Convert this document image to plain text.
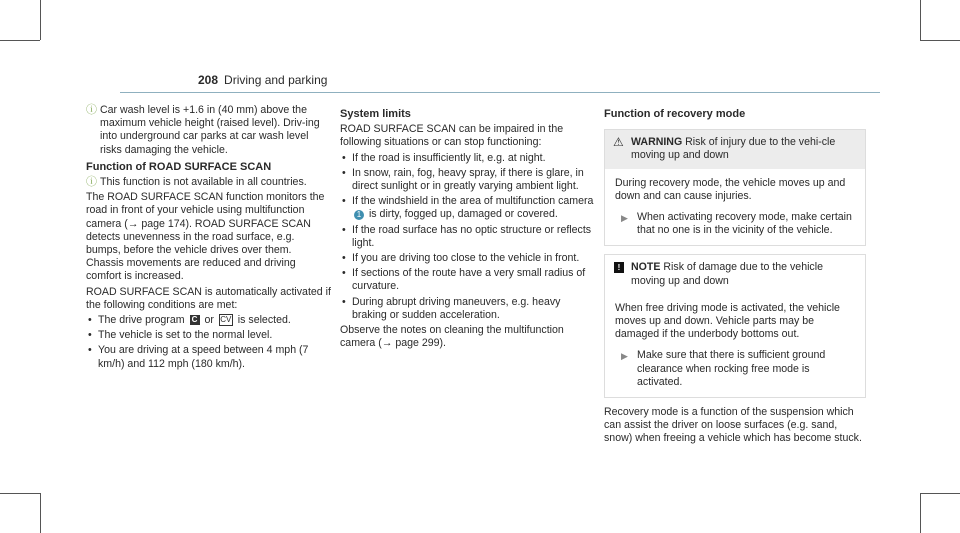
208 Driving and parking

ⓘ Car wash level is +1.6 in (40 mm) above the maximum vehicle height (raised level). Driv-ing into underground car parks at car wash level risks damaging the vehicle.

Function of ROAD SURFACE SCAN

ⓘ This function is not available in all countries.

The ROAD SURFACE SCAN function monitors the road in front of your vehicle using multifunction camera (→ page 174). ROAD SURFACE SCAN detects unevenness in the road surface, e.g. bumps, before the vehicle drives over them. Chassis movements are reduced and driving comfort is increased.

ROAD SURFACE SCAN is automatically activated if the following conditions are met:

• The drive program C or CV is selected.
• The vehicle is set to the normal level.
• You are driving at a speed between 4 mph (7 km/h) and 112 mph (180 km/h).

System limits

ROAD SURFACE SCAN can be impaired in the following situations or can stop functioning:

• If the road is insufficiently lit, e.g. at night.
• In snow, rain, fog, heavy spray, if there is glare, in direct sunlight or in greatly varying ambient light.
• If the windshield in the area of multifunction camera 1 is dirty, fogged up, damaged or covered.
• If the road surface has no optic structure or reflects light.
• If you are driving too close to the vehicle in front.
• If sections of the route have a very small radius of curvature.
• During abrupt driving maneuvers, e.g. heavy braking or sudden acceleration.

Observe the notes on cleaning the multifunction camera (→ page 299).

Function of recovery mode

⚠ WARNING Risk of injury due to the vehi-cle moving up and down

During recovery mode, the vehicle moves up and down and can cause injuries.

▶ When activating recovery mode, make certain that no one is in the vicinity of the vehicle.
!	NOTE Risk of damage due to the vehicle moving up and down

When free driving mode is activated, the vehicle moves up and down. Vehicle parts may be damaged if the underbody bottoms out.

▶ Make sure that there is sufficient ground clearance when rocking free mode is activated.

Recovery mode is a function of the suspension which can assist the driver on loose surfaces (e.g. sand, snow) when freeing a vehicle which has become stuck.
